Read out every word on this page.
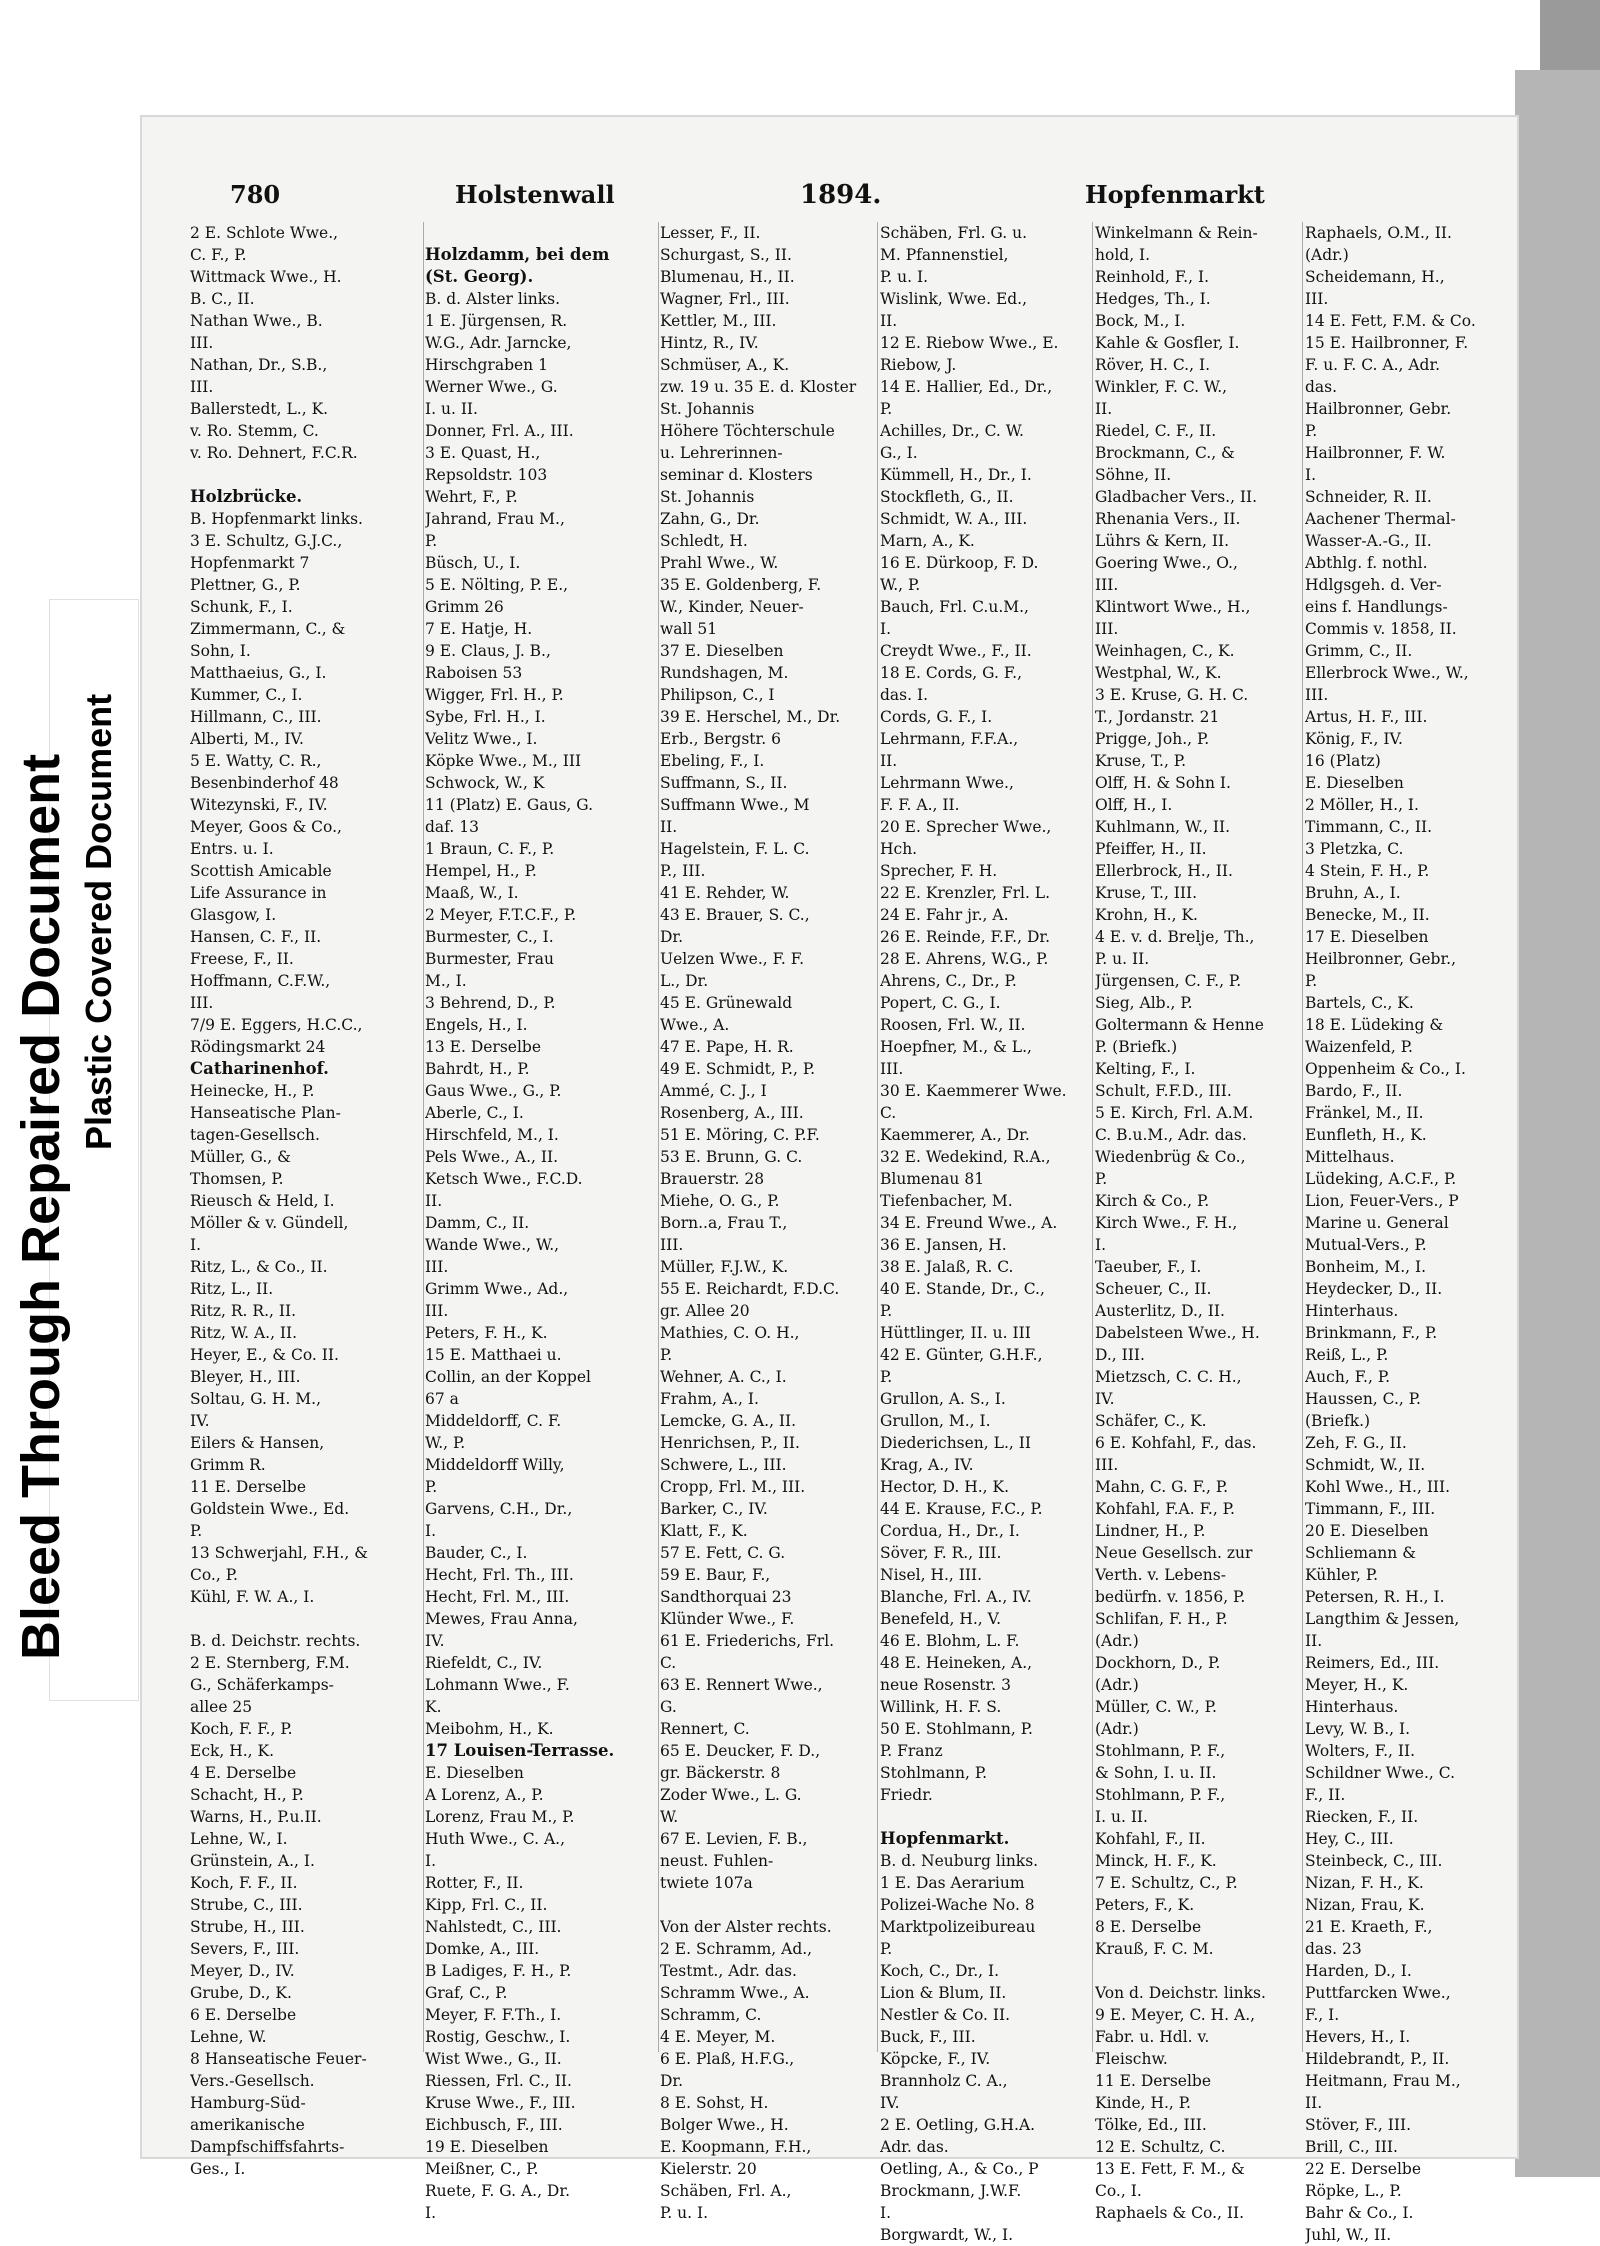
Bleed Through Repaired Document Plastic Covered Document
780	Holstenwall	1894.	Hopfenmarkt
2 E. Schlote Wwe.,
C. F., P.
Wittmack Wwe., H.
B. C., II.
Nathan Wwe., B.
III.
Nathan, Dr., S.B.,
III.
Ballerstedt, L., K.
v. Ro. Stemm, C.
v. Ro. Dehnert, F.C.R.
Holzbrücke.
B. Hopfenmarkt links.
3 E. Schultz, G.J.C.,
Hopfenmarkt 7
Plettner, G., P.
Schunk, F., I.
Zimmermann, C., &
Sohn, I.
Matthaeius, G., I.
Kummer, C., I.
Hillmann, C., III.
Alberti, M., IV.
5 E. Watty, C. R.,
Besenbinderhof 48
Witezynski, F., IV.
Meyer, Goos & Co.,
Entrs. u. I.
Scottish Amicable
Life Assurance in
Glasgow, I.
Hansen, C. F., II.
Freese, F., II.
Hoffmann, C.F.W.,
III.
7/9 E. Eggers, H.C.C.,
Rödingsmarkt 24
Catharinenhof.
Heinecke, H., P.
Hanseatische Plan-
tagen-Gesellsch.
Müller, G., &
Thomsen, P.
Rieusch & Held, I.
Möller & v. Gündell,
I.
Ritz, L., & Co., II.
Ritz, L., II.
Ritz, R. R., II.
Ritz, W. A., II.
Heyer, E., & Co. II.
Bleyer, H., III.
Soltau, G. H. M.,
IV.
Eilers & Hansen,
Grimm R.
11 E. Derselbe
Goldstein Wwe., Ed.
P.
13 Schwerjahl, F.H., &
Co., P.
Kühl, F. W. A., I.
B. d. Deichstr. rechts.
2 E. Sternberg, F.M.
G., Schäferkamps-
allee 25
Koch, F. F., P.
Eck, H., K.
4 E. Derselbe
Schacht, H., P.
Warns, H., P.u.II.
Lehne, W., I.
Grünstein, A., I.
Koch, F. F., II.
Strube, C., III.
Strube, H., III.
Severs, F., III.
Meyer, D., IV.
Grube, D., K.
6 E. Derselbe
Lehne, W.
8 Hanseatische Feuer-
Vers.-Gesellsch.
Hamburg-Süd-
amerikanische
Dampfschiffsfahrts-
Ges., I.
Holzdamm, bei dem
(St. Georg).
B. d. Alster links.
1 E. Jürgensen, R.
W.G., Adr. Jarncke,
Hirschgraben 1
Werner Wwe., G.
I. u. II.
Donner, Frl. A., III.
3 E. Quast, H.,
Repsoldstr. 103
Wehrt, F., P.
Jahrand, Frau M.,
P.
Büsch, U., I.
5 E. Nölting, P. E.,
Grimm 26
7 E. Hatje, H.
9 E. Claus, J. B.,
Raboisen 53
Wigger, Frl. H., P.
Sybe, Frl. H., I.
Velitz Wwe., I.
Köpke Wwe., M., III
Schwock, W., K
11 (Platz) E. Gaus, G.
daf. 13
1 Braun, C. F., P.
Hempel, H., P.
Maaß, W., I.
2 Meyer, F.T.C.F., P.
Burmester, C., I.
Burmester, Frau
M., I.
3 Behrend, D., P.
Engels, H., I.
13 E. Derselbe
Bahrdt, H., P.
Gaus Wwe., G., P.
Aberle, C., I.
Hirschfeld, M., I.
Pels Wwe., A., II.
Ketsch Wwe., F.C.D.
II.
Damm, C., II.
Wande Wwe., W.,
III.
Grimm Wwe., Ad.,
III.
Peters, F. H., K.
15 E. Matthaei u.
Collin, an der Koppel
67 a
Middeldorff, C. F.
W., P.
Middeldorff Willy,
P.
Garvens, C.H., Dr.,
I.
Bauder, C., I.
Hecht, Frl. Th., III.
Hecht, Frl. M., III.
Mewes, Frau Anna,
IV.
Riefeldt, C., IV.
Lohmann Wwe., F.
K.
Meibohm, H., K.
17 Louisen-Terrasse.
E. Dieselben
A Lorenz, A., P.
Lorenz, Frau M., P.
Huth Wwe., C. A.,
I.
Rotter, F., II.
Kipp, Frl. C., II.
Nahlstedt, C., III.
Domke, A., III.
B Ladiges, F. H., P.
Graf, C., P.
Meyer, F. F.Th., I.
Rostig, Geschw., I.
Wist Wwe., G., II.
Riessen, Frl. C., II.
Kruse Wwe., F., III.
Eichbusch, F., III.
19 E. Dieselben
Meißner, C., P.
Ruete, F. G. A., Dr.
I.
Lesser, F., II.
Schurgast, S., II.
Blumenau, H., II.
Wagner, Frl., III.
Kettler, M., III.
Hintz, R., IV.
Schmüser, A., K.
zw. 19 u. 35 E. d. Kloster
St. Johannis
Höhere Töchterschule
u. Lehrerinnen-
seminar d. Klosters
St. Johannis
Zahn, G., Dr.
Schledt, H.
Prahl Wwe., W.
35 E. Goldenberg, F.
W., Kinder, Neuer-
wall 51
37 E. Dieselben
Rundshagen, M.
Philipson, C., I
39 E. Herschel, M., Dr.
Erb., Bergstr. 6
Ebeling, F., I.
Suffmann, S., II.
Suffmann Wwe., M
II.
Hagelstein, F. L. C.
P., III.
41 E. Rehder, W.
43 E. Brauer, S. C.,
Dr.
Uelzen Wwe., F. F.
L., Dr.
45 E. Grünewald
Wwe., A.
47 E. Pape, H. R.
49 E. Schmidt, P., P.
Ammé, C. J., I
Rosenberg, A., III.
51 E. Möring, C. P.F.
53 E. Brunn, G. C.
Brauerstr. 28
Miehe, O. G., P.
Born..a, Frau T.,
III.
Müller, F.J.W., K.
55 E. Reichardt, F.D.C.
gr. Allee 20
Mathies, C. O. H.,
P.
Wehner, A. C., I.
Frahm, A., I.
Lemcke, G. A., II.
Henrichsen, P., II.
Schwere, L., III.
Cropp, Frl. M., III.
Barker, C., IV.
Klatt, F., K.
57 E. Fett, C. G.
59 E. Baur, F.,
Sandthorquai 23
Klünder Wwe., F.
61 E. Friederichs, Frl.
C.
63 E. Rennert Wwe.,
G.
Rennert, C.
65 E. Deucker, F. D.,
gr. Bäckerstr. 8
Zoder Wwe., L. G.
W.
67 E. Levien, F. B.,
neust. Fuhlen-
twiete 107a
Von der Alster rechts.
2 E. Schramm, Ad.,
Testmt., Adr. das.
Schramm Wwe., A.
Schramm, C.
4 E. Meyer, M.
6 E. Plaß, H.F.G.,
Dr.
8 E. Sohst, H.
Bolger Wwe., H.
E. Koopmann, F.H.,
Kielerstr. 20
Schäben, Frl. A.,
P. u. I.
Schäben, Frl. G. u.
M. Pfannenstiel,
P. u. I.
Wislink, Wwe. Ed.,
II.
12 E. Riebow Wwe., E.
Riebow, J.
14 E. Hallier, Ed., Dr.,
P.
Achilles, Dr., C. W.
G., I.
Kümmell, H., Dr., I.
Stockfleth, G., II.
Schmidt, W. A., III.
Marn, A., K.
16 E. Dürkoop, F. D.
W., P.
Bauch, Frl. C.u.M.,
I.
Creydt Wwe., F., II.
18 E. Cords, G. F.,
das. I.
Cords, G. F., I.
Lehrmann, F.F.A.,
II.
Lehrmann Wwe.,
F. F. A., II.
20 E. Sprecher Wwe.,
Hch.
Sprecher, F. H.
22 E. Krenzler, Frl. L.
24 E. Fahr jr., A.
26 E. Reinde, F.F., Dr.
28 E. Ahrens, W.G., P.
Ahrens, C., Dr., P.
Popert, C. G., I.
Roosen, Frl. W., II.
Hoepfner, M., & L.,
III.
30 E. Kaemmerer Wwe.
C.
Kaemmerer, A., Dr.
32 E. Wedekind, R.A.,
Blumenau 81
Tiefenbacher, M.
34 E. Freund Wwe., A.
36 E. Jansen, H.
38 E. Jalaß, R. C.
40 E. Stande, Dr., C.,
P.
Hüttlinger, II. u. III
42 E. Günter, G.H.F.,
P.
Grullon, A. S., I.
Grullon, M., I.
Diederichsen, L., II
Krag, A., IV.
Hector, D. H., K.
44 E. Krause, F.C., P.
Cordua, H., Dr., I.
Söver, F. R., III.
Nisel, H., III.
Blanche, Frl. A., IV.
Benefeld, H., V.
46 E. Blohm, L. F.
48 E. Heineken, A.,
neue Rosenstr. 3
Willink, H. F. S.
50 E. Stohlmann, P.
P. Franz
Stohlmann, P.
Friedr.
Hopfenmarkt.
B. d. Neuburg links.
1 E. Das Aerarium
Polizei-Wache No. 8
Marktpolizeibureau
P.
Koch, C., Dr., I.
Lion & Blum, II.
Nestler & Co. II.
Buck, F., III.
Köpcke, F., IV.
Brannholz C. A.,
IV.
2 E. Oetling, G.H.A.
Adr. das.
Oetling, A., & Co., P
Brockmann, J.W.F.
I.
Borgwardt, W., I.
Winkelmann & Rein-
hold, I.
Reinhold, F., I.
Hedges, Th., I.
Bock, M., I.
Kahle & Gosfler, I.
Röver, H. C., I.
Winkler, F. C. W.,
II.
Riedel, C. F., II.
Brockmann, C., &
Söhne, II.
Gladbacher Vers., II.
Rhenania Vers., II.
Lührs & Kern, II.
Goering Wwe., O.,
III.
Klintwort Wwe., H.,
III.
Weinhagen, C., K.
Westphal, W., K.
3 E. Kruse, G. H. C.
T., Jordanstr. 21
Prigge, Joh., P.
Kruse, T., P.
Olff, H. & Sohn I.
Olff, H., I.
Kuhlmann, W., II.
Pfeiffer, H., II.
Ellerbrock, H., II.
Kruse, T., III.
Krohn, H., K.
4 E. v. d. Brelje, Th.,
P. u. II.
Jürgensen, C. F., P.
Sieg, Alb., P.
Goltermann & Henne
P. (Briefk.)
Kelting, F., I.
Schult, F.F.D., III.
5 E. Kirch, Frl. A.M.
C. B.u.M., Adr. das.
Wiedenbrüg & Co.,
P.
Kirch & Co., P.
Kirch Wwe., F. H.,
I.
Taeuber, F., I.
Scheuer, C., II.
Austerlitz, D., II.
Dabelsteen Wwe., H.
D., III.
Mietzsch, C. C. H.,
IV.
Schäfer, C., K.
6 E. Kohfahl, F., das.
III.
Mahn, C. G. F., P.
Kohfahl, F.A. F., P.
Lindner, H., P.
Neue Gesellsch. zur
Verth. v. Lebens-
bedürfn. v. 1856, P.
Schlifan, F. H., P.
(Adr.)
Dockhorn, D., P.
(Adr.)
Müller, C. W., P.
(Adr.)
Stohlmann, P. F.,
& Sohn, I. u. II.
Stohlmann, P. F.,
I. u. II.
Kohfahl, F., II.
Minck, H. F., K.
7 E. Schultz, C., P.
Peters, F., K.
8 E. Derselbe
Krauß, F. C. M.
Von d. Deichstr. links.
9 E. Meyer, C. H. A.,
Fabr. u. Hdl. v.
Fleischw.
11 E. Derselbe
Kinde, H., P.
Tölke, Ed., III.
12 E. Schultz, C.
13 E. Fett, F. M., &
Co., I.
Raphaels & Co., II.
Raphaels, O.M., II.
(Adr.)
Scheidemann, H.,
III.
14 E. Fett, F.M. & Co.
15 E. Hailbronner, F.
F. u. F. C. A., Adr.
das.
Hailbronner, Gebr.
P.
Hailbronner, F. W.
I.
Schneider, R. II.
Aachener Thermal-
Wasser-A.-G., II.
Abthlg. f. nothl.
Hdlgsgeh. d. Ver-
eins f. Handlungs-
Commis v. 1858, II.
Grimm, C., II.
Ellerbrock Wwe., W.,
III.
Artus, H. F., III.
König, F., IV.
16 (Platz)
E. Dieselben
2 Möller, H., I.
Timmann, C., II.
3 Pletzka, C.
4 Stein, F. H., P.
Bruhn, A., I.
Benecke, M., II.
17 E. Dieselben
Heilbronner, Gebr.,
P.
Bartels, C., K.
18 E. Lüdeking &
Waizenfeld, P.
Oppenheim & Co., I.
Bardo, F., II.
Fränkel, M., II.
Eunfleth, H., K.
Mittelhaus.
Lüdeking, A.C.F., P.
Lion, Feuer-Vers., P
Marine u. General
Mutual-Vers., P.
Bonheim, M., I.
Heydecker, D., II.
Hinterhaus.
Brinkmann, F., P.
Reiß, L., P.
Auch, F., P.
Haussen, C., P.
(Briefk.)
Zeh, F. G., II.
Schmidt, W., II.
Kohl Wwe., H., III.
Timmann, F., III.
20 E. Dieselben
Schliemann &
Kühler, P.
Petersen, R. H., I.
Langthim & Jessen,
II.
Reimers, Ed., III.
Meyer, H., K.
Hinterhaus.
Levy, W. B., I.
Wolters, F., II.
Schildner Wwe., C.
F., II.
Riecken, F., II.
Hey, C., III.
Steinbeck, C., III.
Nizan, F. H., K.
Nizan, Frau, K.
21 E. Kraeth, F.,
das. 23
Harden, D., I.
Puttfarcken Wwe.,
F., I.
Hevers, H., I.
Hildebrandt, P., II.
Heitmann, Frau M.,
II.
Stöver, F., III.
Brill, C., III.
22 E. Derselbe
Röpke, L., P.
Bahr & Co., I.
Juhl, W., II.
